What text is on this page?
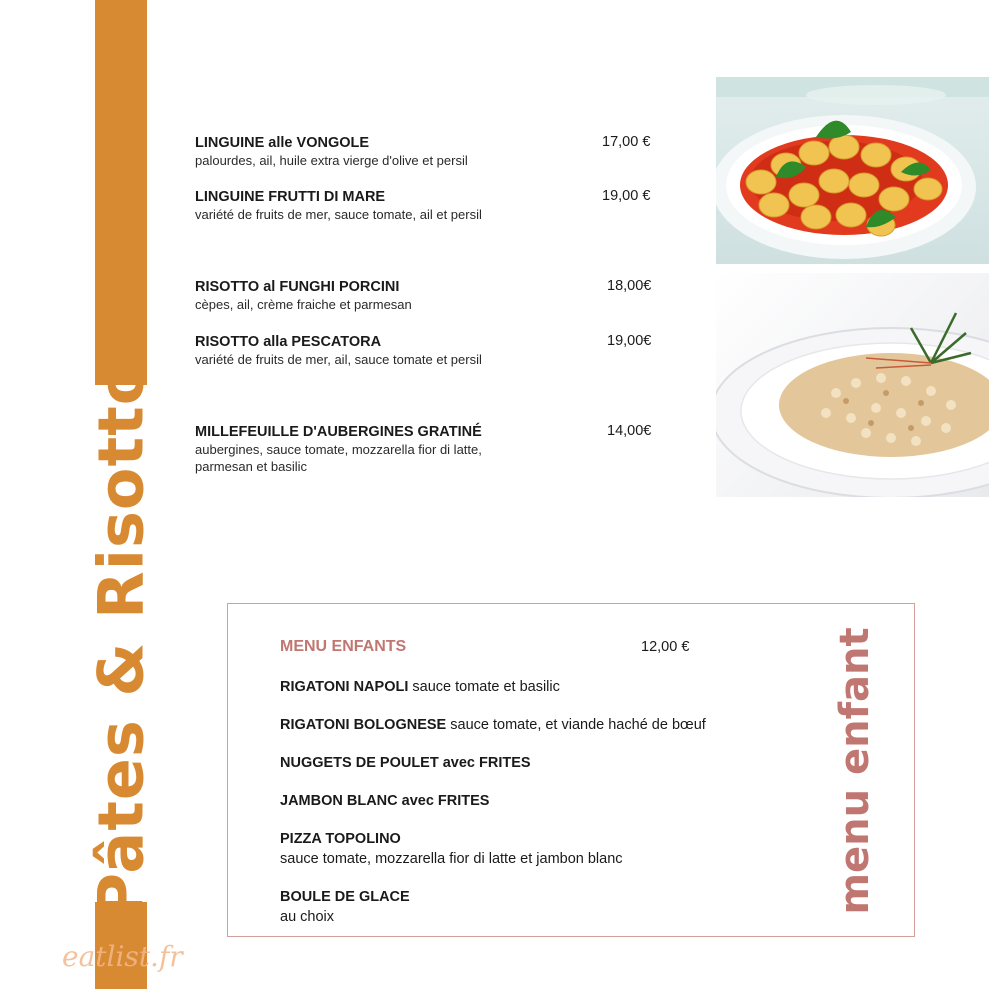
Pâtes & Risotto
LINGUINE alle VONGOLE
palourdes, ail, huile extra vierge d'olive et persil
17,00 €
LINGUINE FRUTTI DI MARE
variété de fruits de mer, sauce tomate, ail et persil
19,00 €
RISOTTO al FUNGHI PORCINI
cèpes, ail, crème fraiche et parmesan
18,00€
RISOTTO alla PESCATORA
variété de fruits de mer, ail, sauce tomate et persil
19,00€
MILLEFEUILLE D'AUBERGINES GRATINÉ
aubergines, sauce tomate, mozzarella fior di latte,
parmesan et basilic
14,00€
MENU ENFANTS	12,00 €
RIGATONI NAPOLI sauce tomate et basilic
RIGATONI BOLOGNESE sauce tomate, et viande haché de bœuf
NUGGETS DE POULET avec FRITES
JAMBON BLANC avec FRITES
PIZZA TOPOLINO
sauce tomate, mozzarella fior di latte et jambon blanc
BOULE DE GLACE
au choix
menu enfant
eatlist.fr
